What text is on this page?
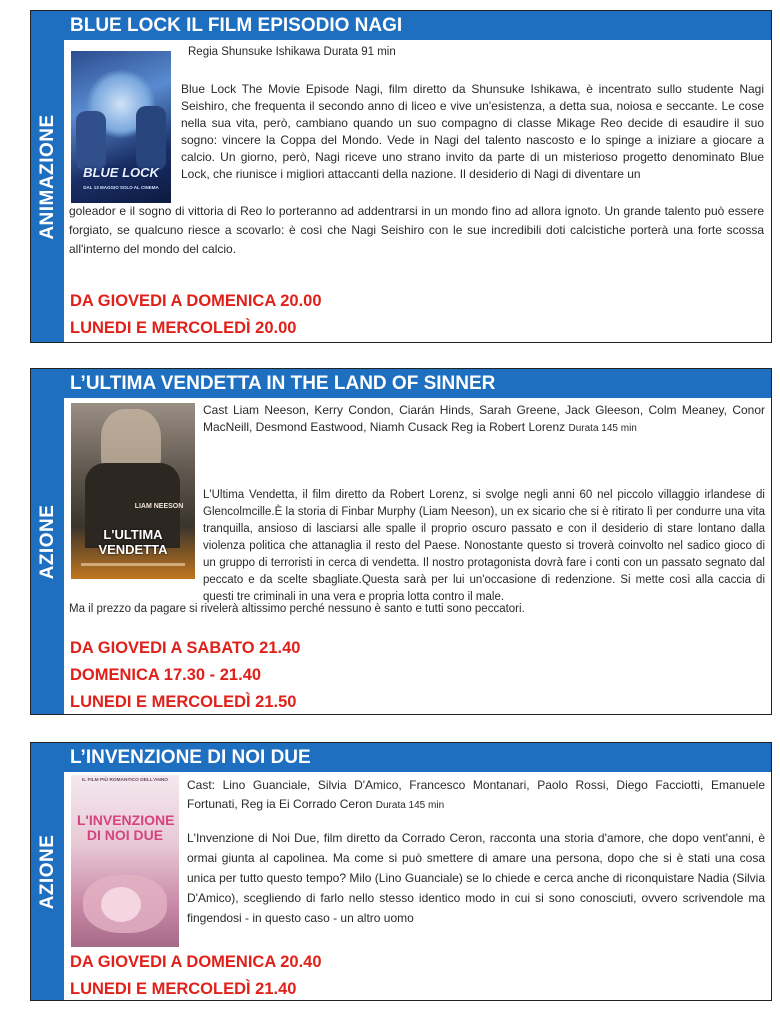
ANIMAZIONE
BLUE LOCK IL FILM EPISODIO NAGI
BLUE LOCK
DAL 13 MAGGIO SOLO AL CINEMA
Regia Shunsuke Ishikawa Durata 91 min
Blue Lock The Movie Episode Nagi, film diretto da Shunsuke Ishikawa, è incentrato sullo studente Nagi Seishiro, che frequenta il secondo anno di liceo e vive un'esistenza, a detta sua, noiosa e seccante. Le cose nella sua vita, però, cambiano quando un suo compagno di classe Mikage Reo decide di esaudire il suo sogno: vincere la Coppa del Mondo. Vede in Nagi del talento nascosto e lo spinge a iniziare a giocare a calcio. Un giorno, però, Nagi riceve uno strano invito da parte di un misterioso progetto denominato Blue Lock, che riunisce i migliori attaccanti della nazione. Il desiderio di Nagi di diventare un
goleador e il sogno di vittoria di Reo lo porteranno ad addentrarsi in un mondo fino ad allora ignoto. Un grande talento può essere forgiato, se qualcuno riesce a scovarlo: è così che Nagi Seishiro con le sue incredibili doti calcistiche porterà una forte scossa all'interno del mondo del calcio.
DA GIOVEDI A DOMENICA 20.00
LUNEDI E MERCOLEDÌ 20.00
AZIONE
L’ULTIMA VENDETTA IN THE LAND OF SINNER
LIAM NEESON
L'ULTIMA VENDETTA
Cast Liam Neeson, Kerry Condon, Ciarán Hinds, Sarah Greene, Jack Gleeson, Colm Meaney, Conor MacNeill, Desmond Eastwood, Niamh Cusack Reg ia Robert Lorenz Durata 145 min
L'Ultima Vendetta, il film diretto da Robert Lorenz, si svolge negli anni 60 nel piccolo villaggio irlandese di Glencolmcille.È la storia di Finbar Murphy (Liam Neeson), un ex sicario che si è ritirato lì per condurre una vita tranquilla, ansioso di lasciarsi alle spalle il proprio oscuro passato e con il desiderio di stare lontano dalla violenza politica che attanaglia il resto del Paese. Nonostante questo si troverà coinvolto nel sadico gioco di un gruppo di terroristi in cerca di vendetta. Il nostro protagonista dovrà fare i conti con un passato segnato dal peccato e da scelte sbagliate.Questa sarà per lui un'occasione di redenzione. Si mette così alla caccia di questi tre criminali in una vera e propria lotta contro il male.
Ma il prezzo da pagare si rivelerà altissimo perché nessuno è santo e tutti sono peccatori.
DA GIOVEDI A SABATO 21.40
DOMENICA 17.30 - 21.40
LUNEDI E MERCOLEDÌ 21.50
AZIONE
L’INVENZIONE DI NOI DUE
IL FILM PIÙ ROMANTICO DELL'ANNO
L'INVENZIONE DI NOI DUE
Cast: Lino Guanciale, Silvia D'Amico, Francesco Montanari, Paolo Rossi, Diego Facciotti, Emanuele Fortunati, Reg ia Ei Corrado Ceron Durata 145 min
L'Invenzione di Noi Due, film diretto da Corrado Ceron, racconta una storia d'amore, che dopo vent'anni, è ormai giunta al capolinea. Ma come si può smettere di amare una persona, dopo che si è stati una cosa unica per tutto questo tempo? Milo (Lino Guanciale) se lo chiede e cerca anche di riconquistare Nadia (Silvia D'Amico), scegliendo di farlo nello stesso identico modo in cui si sono conosciuti, ovvero scrivendole ma fingendosi - in questo caso - un altro uomo
DA GIOVEDI A DOMENICA 20.40
LUNEDI E MERCOLEDÌ 21.40
